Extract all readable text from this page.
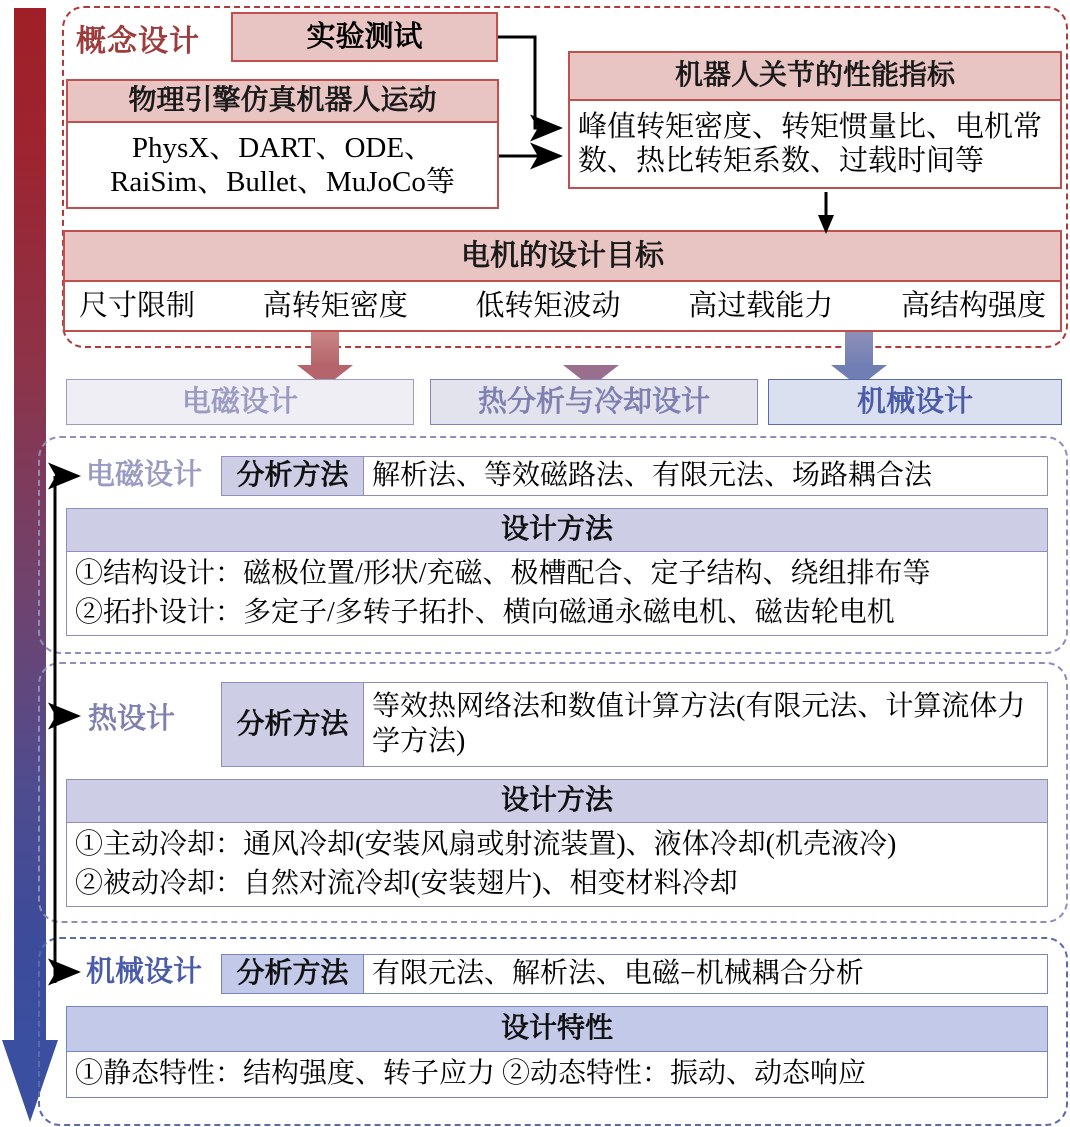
概念设计	实验测试
物理引擎仿真机器人运动
PhysX、DART、ODE、RaiSim、Bullet、MuJoCo等
机器人关节的性能指标
峰值转矩密度、转矩惯量比、电机常数、热比转矩系数、过载时间等
电机的设计目标
尺寸限制 高转矩密度 低转矩波动 高过载能力 高结构强度
电磁设计	热分析与冷却设计	机械设计
电磁设计	分析方法 解析法、等效磁路法、有限元法、场路耦合法
设计方法
①结构设计：磁极位置/形状/充磁、极槽配合、定子结构、绕组排布等
②拓扑设计：多定子/多转子拓扑、横向磁通永磁电机、磁齿轮电机
热设计	分析方法
等效热网络法和数值计算方法(有限元法、计算流体力学方法)
设计方法
①主动冷却：通风冷却(安装风扇或射流装置)、液体冷却(机壳液冷)
②被动冷却：自然对流冷却(安装翅片)、相变材料冷却
机械设计	分析方法 有限元法、解析法、电磁−机械耦合分析
设计特性
①静态特性：结构强度、转子应力 ②动态特性：振动、动态响应
